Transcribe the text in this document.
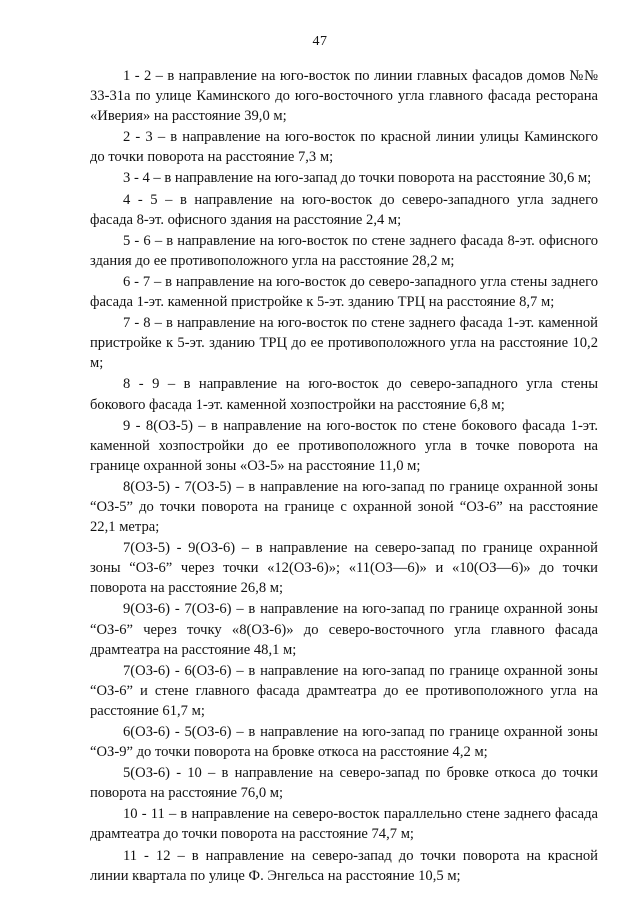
47

1 - 2 – в направление на юго-восток по линии главных фасадов домов №№ 33-31а по улице Каминского до юго-восточного угла главного фасада ресторана «Иверия» на расстояние 39,0 м;

2 - 3 – в направление на юго-восток по красной линии улицы Каминского до точки поворота на расстояние 7,3 м;

3 - 4 – в направление на юго-запад до точки поворота на расстояние 30,6 м;

4 - 5 – в направление на юго-восток до северо-западного угла заднего фасада 8-эт. офисного здания на расстояние 2,4 м;

5 - 6 – в направление на юго-восток по стене заднего фасада 8-эт. офисного здания до ее противоположного угла на расстояние 28,2 м;

6 - 7 – в направление на юго-восток до северо-западного угла стены заднего фасада 1-эт. каменной пристройке к 5-эт. зданию ТРЦ на расстояние 8,7 м;

7 - 8 – в направление на юго-восток по стене заднего фасада 1-эт. каменной пристройке к 5-эт. зданию ТРЦ до ее противоположного угла на расстояние 10,2 м;

8 - 9 – в направление на юго-восток до северо-западного угла стены бокового фасада 1-эт. каменной хозпостройки на расстояние 6,8 м;

9 - 8(ОЗ-5) – в направление на юго-восток по стене бокового фасада 1-эт. каменной хозпостройки до ее противоположного угла в точке поворота на границе охранной зоны «ОЗ-5» на расстояние 11,0 м;

8(ОЗ-5) - 7(ОЗ-5) – в направление на юго-запад по границе охранной зоны “ОЗ-5” до точки поворота на границе с охранной зоной “ОЗ-6” на расстояние 22,1 метра;

7(ОЗ-5) - 9(ОЗ-6) – в направление на северо-запад по границе охранной зоны “ОЗ-6” через точки «12(ОЗ-6)»; «11(ОЗ—6)» и «10(ОЗ—6)» до точки поворота на расстояние 26,8 м;

9(ОЗ-6) - 7(ОЗ-6) – в направление на юго-запад по границе охранной зоны “ОЗ-6” через точку «8(ОЗ-6)» до северо-восточного угла главного фасада драмтеатра на расстояние 48,1 м;

7(ОЗ-6) - 6(ОЗ-6) – в направление на юго-запад по границе охранной зоны “ОЗ-6” и стене главного фасада драмтеатра до ее противоположного угла на расстояние 61,7 м;

6(ОЗ-6) - 5(ОЗ-6) – в направление на юго-запад по границе охранной зоны “ОЗ-9” до точки поворота на бровке откоса на расстояние 4,2 м;

5(ОЗ-6) - 10 – в направление на северо-запад по бровке откоса до точки поворота на расстояние 76,0 м;

10 - 11 – в направление на северо-восток параллельно стене заднего фасада драмтеатра до точки поворота на расстояние 74,7 м;

11 - 12 – в направление на северо-запад до точки поворота на красной линии квартала по улице Ф. Энгельса на расстояние 10,5 м;
